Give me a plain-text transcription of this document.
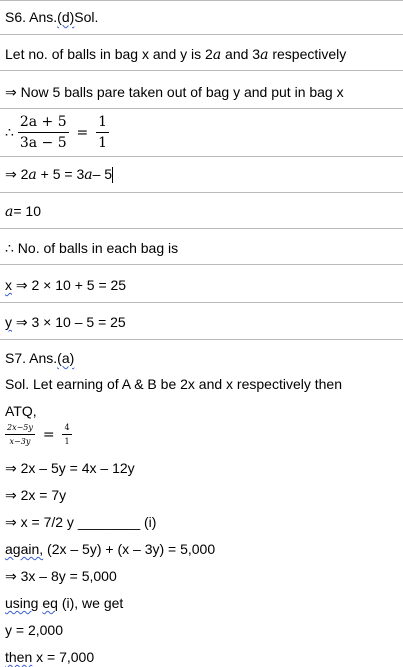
S6. Ans.(d)Sol.
Let no. of balls in bag x and y is 2a and 3a respectively
⇒ Now 5 balls pare taken out of bag y and put in bag x
∴ $\frac{2a + 5}{3a - 5} = \frac{1}{1}$
⇒ 2a + 5 = 3a– 5
a= 10
∴ No. of balls in each bag is
x ⇒ 2 × 10 + 5 = 25
y ⇒ 3 × 10 – 5 = 25
S7. Ans.(a)
Sol. Let earning of A & B be 2x and x respectively then
ATQ,
$\frac{2x-5y}{x-3y} = \frac{4}{1}$
⇒ 2x – 5y = 4x – 12y
⇒ 2x = 7y
⇒ x = 7/2 y ________ (i)
again, (2x – 5y) + (x – 3y) = 5,000
⇒ 3x – 8y = 5,000
using eq (i), we get
y = 2,000
then x = 7,000
